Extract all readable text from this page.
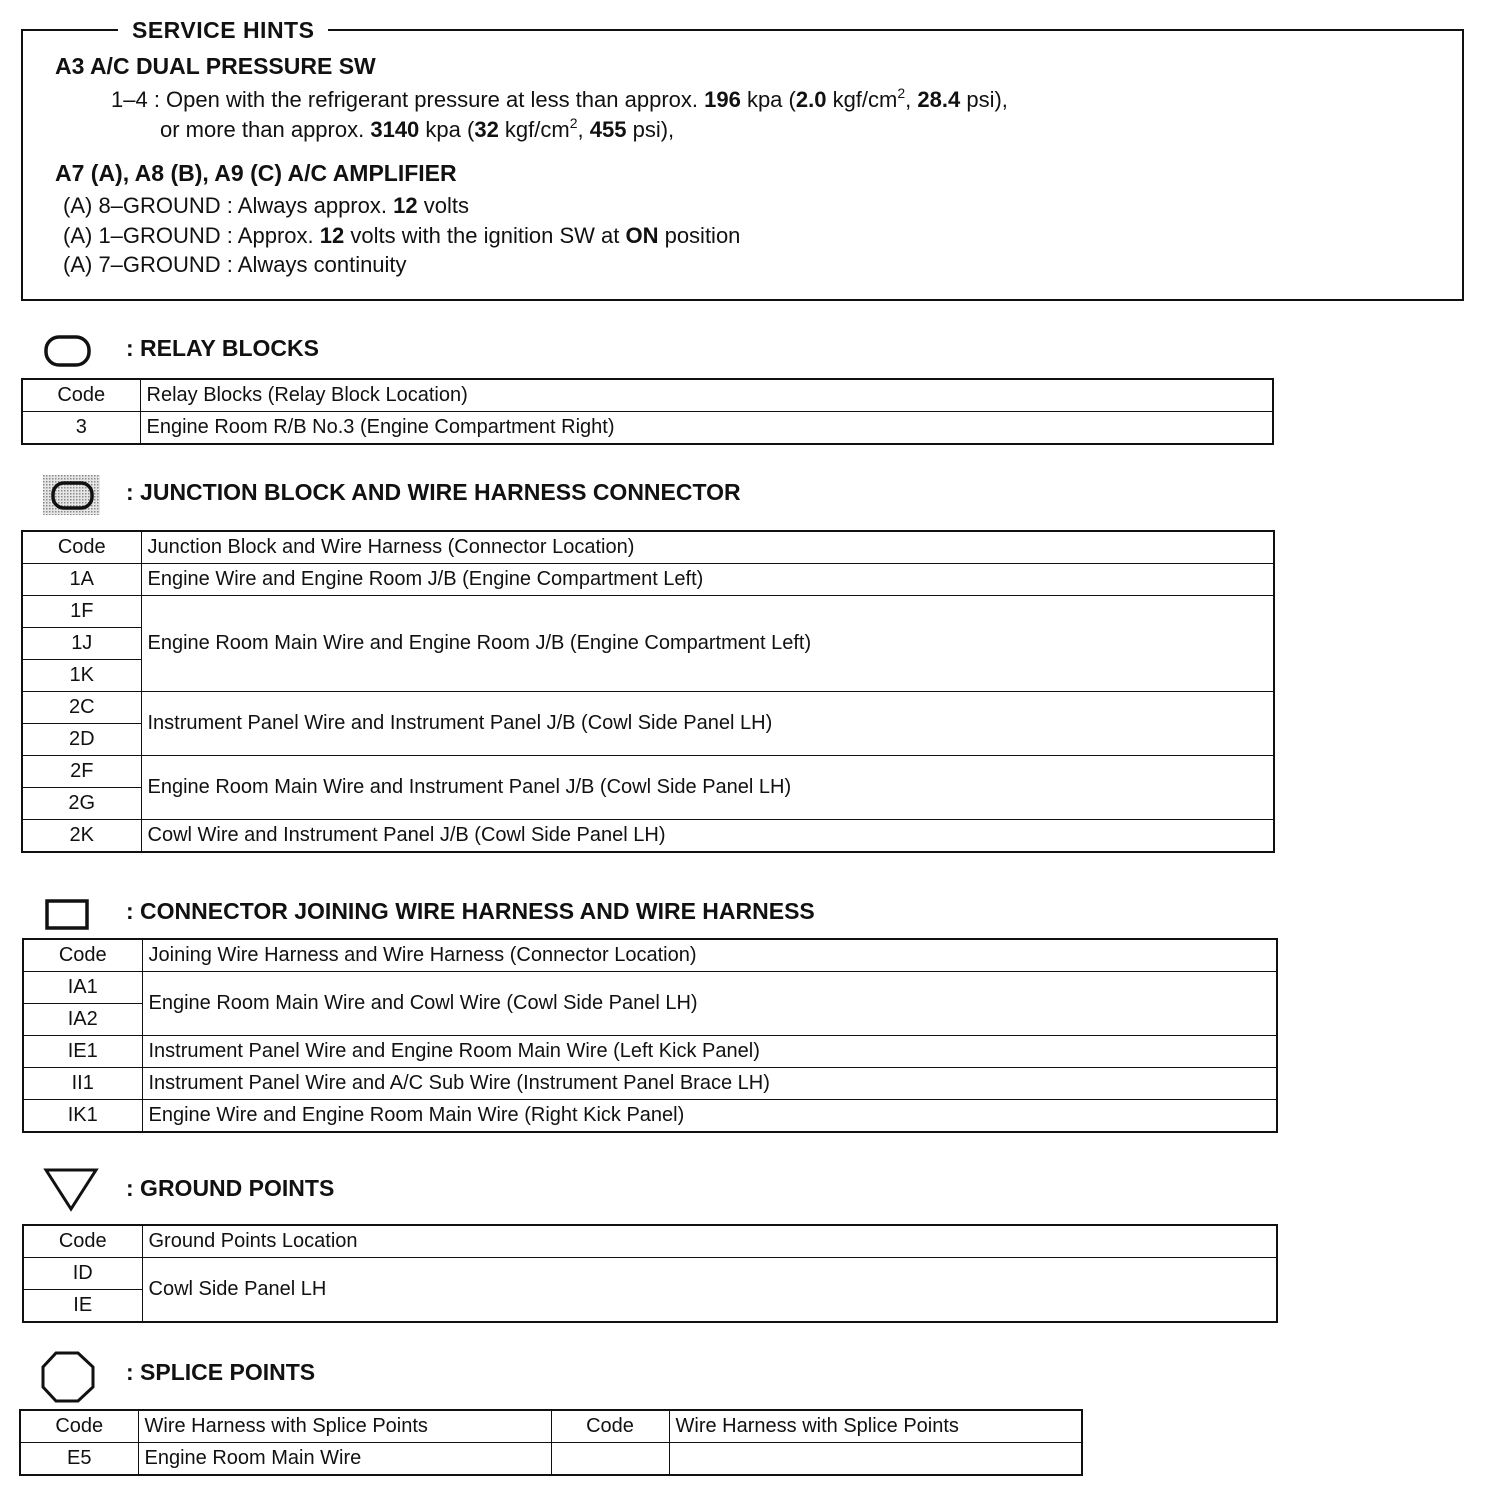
SERVICE HINTS
A3 A/C DUAL PRESSURE SW
1–4 : Open with the refrigerant pressure at less than approx. 196 kpa (2.0 kgf/$cm^2$, 28.4 psi),
or more than approx. 3140 kpa (32 kgf/$cm^2$, 455 psi),
A7 (A), A8 (B), A9 (C) A/C AMPLIFIER
(A) 8–GROUND : Always approx. 12 volts
(A) 1–GROUND : Approx. 12 volts with the ignition SW at ON position
(A) 7–GROUND : Always continuity
: RELAY BLOCKS
Code	Relay Blocks (Relay Block Location)
3	Engine Room R/B No.3 (Engine Compartment Right)
: JUNCTION BLOCK AND WIRE HARNESS CONNECTOR
Code	Junction Block and Wire Harness (Connector Location)
1A	Engine Wire and Engine Room J/B (Engine Compartment Left)
1F	Engine Room Main Wire and Engine Room J/B (Engine Compartment Left)
1J	
1K	
2C	Instrument Panel Wire and Instrument Panel J/B (Cowl Side Panel LH)
2D	
2F	Engine Room Main Wire and Instrument Panel J/B (Cowl Side Panel LH)
2G	
2K	Cowl Wire and Instrument Panel J/B (Cowl Side Panel LH)
: CONNECTOR JOINING WIRE HARNESS AND WIRE HARNESS
Code	Joining Wire Harness and Wire Harness (Connector Location)
IA1	Engine Room Main Wire and Cowl Wire (Cowl Side Panel LH)
IA2	
IE1	Instrument Panel Wire and Engine Room Main Wire (Left Kick Panel)
II1	Instrument Panel Wire and A/C Sub Wire (Instrument Panel Brace LH)
IK1	Engine Wire and Engine Room Main Wire (Right Kick Panel)
: GROUND POINTS
Code	Ground Points Location
ID	Cowl Side Panel LH
IE	
: SPLICE POINTS
Code	Wire Harness with Splice Points	Code	Wire Harness with Splice Points
E5	Engine Room Main Wire		
